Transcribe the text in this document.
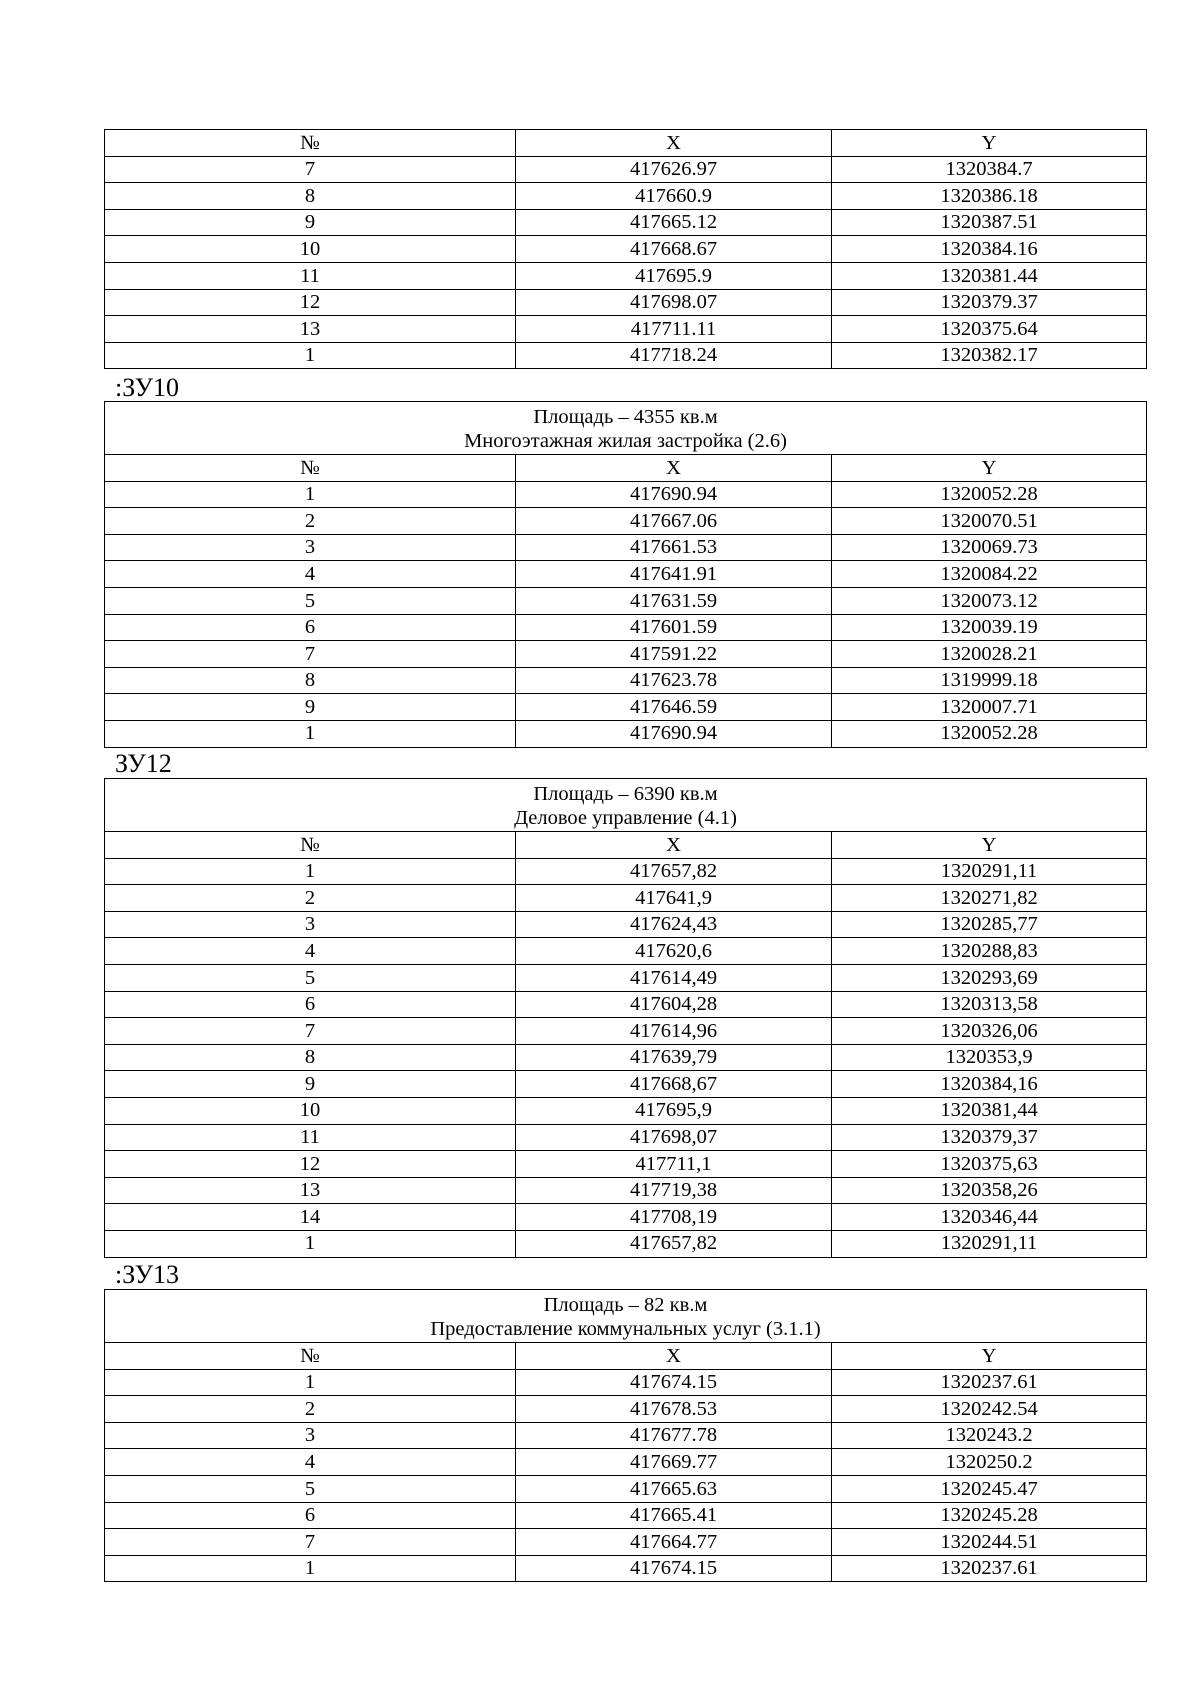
№	X	Y
7	417626.97	1320384.7
8	417660.9	1320386.18
9	417665.12	1320387.51
10	417668.67	1320384.16
11	417695.9	1320381.44
12	417698.07	1320379.37
13	417711.11	1320375.64
1	417718.24	1320382.17
:ЗУ10
Площадь – 4355 кв.м
Многоэтажная жилая застройка (2.6)		
№	X	Y
1	417690.94	1320052.28
2	417667.06	1320070.51
3	417661.53	1320069.73
4	417641.91	1320084.22
5	417631.59	1320073.12
6	417601.59	1320039.19
7	417591.22	1320028.21
8	417623.78	1319999.18
9	417646.59	1320007.71
1	417690.94	1320052.28
ЗУ12
Площадь – 6390 кв.м
Деловое управление (4.1)		
№	X	Y
1	417657,82	1320291,11
2	417641,9	1320271,82
3	417624,43	1320285,77
4	417620,6	1320288,83
5	417614,49	1320293,69
6	417604,28	1320313,58
7	417614,96	1320326,06
8	417639,79	1320353,9
9	417668,67	1320384,16
10	417695,9	1320381,44
11	417698,07	1320379,37
12	417711,1	1320375,63
13	417719,38	1320358,26
14	417708,19	1320346,44
1	417657,82	1320291,11
:ЗУ13
Площадь – 82 кв.м
Предоставление коммунальных услуг (3.1.1)		
№	X	Y
1	417674.15	1320237.61
2	417678.53	1320242.54
3	417677.78	1320243.2
4	417669.77	1320250.2
5	417665.63	1320245.47
6	417665.41	1320245.28
7	417664.77	1320244.51
1	417674.15	1320237.61
